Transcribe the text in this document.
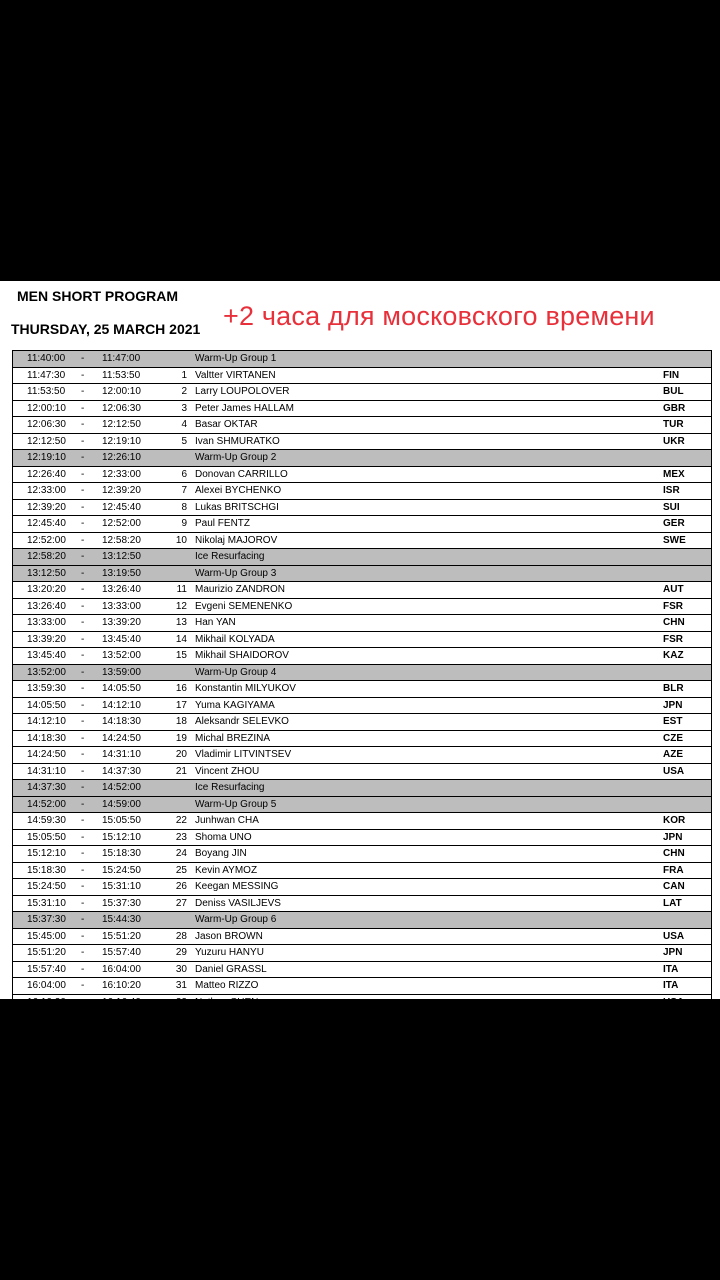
MEN SHORT PROGRAM
THURSDAY, 25 MARCH 2021 +2 часа для московского времени
11:40:00 - 11:47:00	Warm-Up Group 1
11:47:30 - 11:53:50	1 Valtter VIRTANEN	FIN
11:53:50 - 12:00:10	2 Larry LOUPOLOVER	BUL
12:00:10 - 12:06:30	3 Peter James HALLAM	GBR
12:06:30 - 12:12:50	4 Basar OKTAR	TUR
12:12:50 - 12:19:10	5 Ivan SHMURATKO	UKR
12:19:10 - 12:26:10	Warm-Up Group 2
12:26:40 - 12:33:00	6 Donovan CARRILLO	MEX
12:33:00 - 12:39:20	7 Alexei BYCHENKO	ISR
12:39:20 - 12:45:40	8 Lukas BRITSCHGI	SUI
12:45:40 - 12:52:00	9 Paul FENTZ	GER
12:52:00 - 12:58:20	10 Nikolaj MAJOROV	SWE
12:58:20 - 13:12:50	Ice Resurfacing
13:12:50 - 13:19:50	Warm-Up Group 3
13:20:20 - 13:26:40	11 Maurizio ZANDRON	AUT
13:26:40 - 13:33:00	12 Evgeni SEMENENKO	FSR
13:33:00 - 13:39:20	13 Han YAN	CHN
13:39:20 - 13:45:40	14 Mikhail KOLYADA	FSR
13:45:40 - 13:52:00	15 Mikhail SHAIDOROV	KAZ
13:52:00 - 13:59:00	Warm-Up Group 4
13:59:30 - 14:05:50	16 Konstantin MILYUKOV	BLR
14:05:50 - 14:12:10	17 Yuma KAGIYAMA	JPN
14:12:10 - 14:18:30	18 Aleksandr SELEVKO	EST
14:18:30 - 14:24:50	19 Michal BREZINA	CZE
14:24:50 - 14:31:10	20 Vladimir LITVINTSEV	AZE
14:31:10 - 14:37:30	21 Vincent ZHOU	USA
14:37:30 - 14:52:00	Ice Resurfacing
14:52:00 - 14:59:00	Warm-Up Group 5
14:59:30 - 15:05:50	22 Junhwan CHA	KOR
15:05:50 - 15:12:10	23 Shoma UNO	JPN
15:12:10 - 15:18:30	24 Boyang JIN	CHN
15:18:30 - 15:24:50	25 Kevin AYMOZ	FRA
15:24:50 - 15:31:10	26 Keegan MESSING	CAN
15:31:10 - 15:37:30	27 Deniss VASILJEVS	LAT
15:37:30 - 15:44:30	Warm-Up Group 6
15:45:00 - 15:51:20	28 Jason BROWN	USA
15:51:20 - 15:57:40	29 Yuzuru HANYU	JPN
15:57:40 - 16:04:00	30 Daniel GRASSL	ITA
16:04:00 - 16:10:20	31 Matteo RIZZO	ITA
16:10:20 - 16:16:40	32 Nathan CHEN	USA
16:16:40 - 16:23:00	33 Morisi KVITELASHVILI	GEO
